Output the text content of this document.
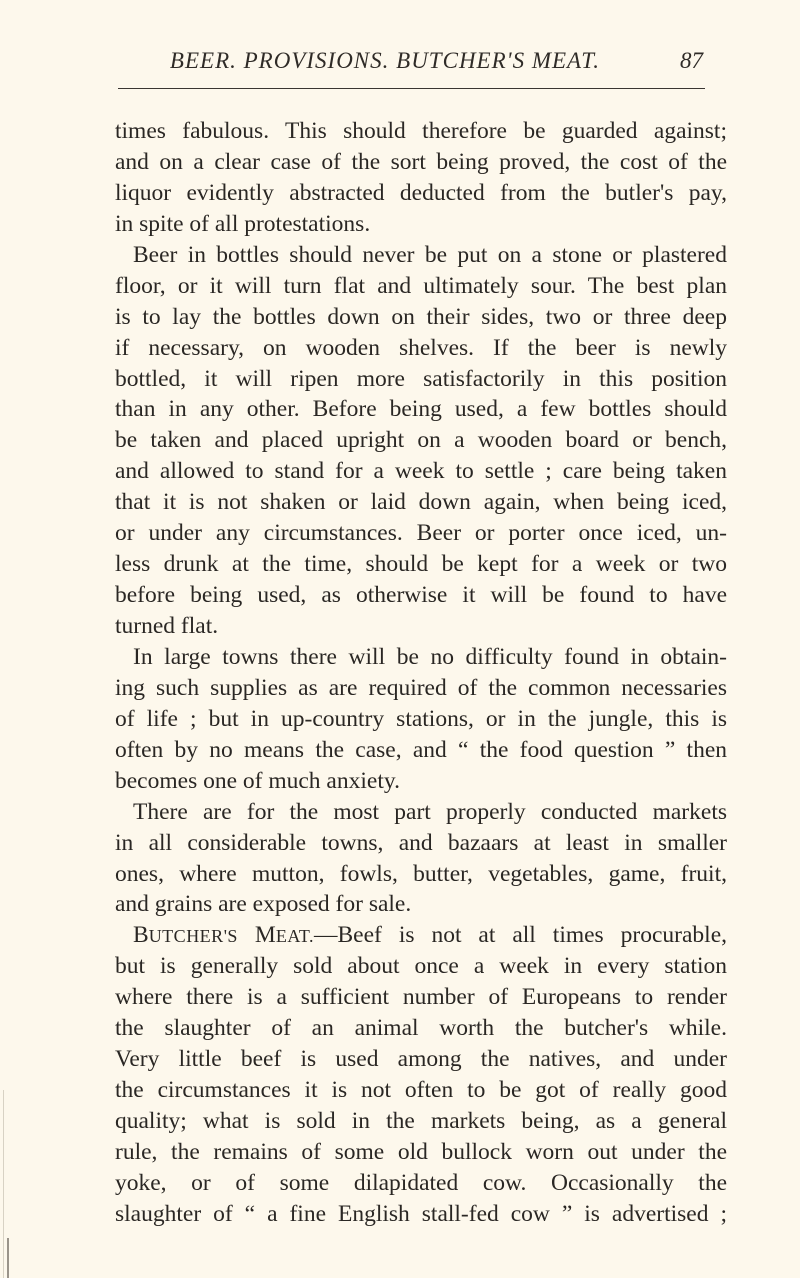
BEER. PROVISIONS. BUTCHER'S MEAT.	87
times fabulous. This should therefore be guarded against;
and on a clear case of the sort being proved, the cost of the
liquor evidently abstracted deducted from the butler's pay,
in spite of all protestations.
Beer in bottles should never be put on a stone or plastered
floor, or it will turn flat and ultimately sour. The best plan
is to lay the bottles down on their sides, two or three deep
if necessary, on wooden shelves. If the beer is newly
bottled, it will ripen more satisfactorily in this position
than in any other. Before being used, a few bottles should
be taken and placed upright on a wooden board or bench,
and allowed to stand for a week to settle ; care being taken
that it is not shaken or laid down again, when being iced,
or under any circumstances. Beer or porter once iced, un-
less drunk at the time, should be kept for a week or two
before being used, as otherwise it will be found to have
turned flat.
In large towns there will be no difficulty found in obtain-
ing such supplies as are required of the common necessaries
of life ; but in up-country stations, or in the jungle, this is
often by no means the case, and “ the food question ” then
becomes one of much anxiety.
There are for the most part properly conducted markets
in all considerable towns, and bazaars at least in smaller
ones, where mutton, fowls, butter, vegetables, game, fruit,
and grains are exposed for sale.
BUTCHER'S MEAT.—Beef is not at all times procurable,
but is generally sold about once a week in every station
where there is a sufficient number of Europeans to render
the slaughter of an animal worth the butcher's while.
Very little beef is used among the natives, and under
the circumstances it is not often to be got of really good
quality; what is sold in the markets being, as a general
rule, the remains of some old bullock worn out under the
yoke, or of some dilapidated cow. Occasionally the
slaughter of “ a fine English stall-fed cow ” is advertised ;
